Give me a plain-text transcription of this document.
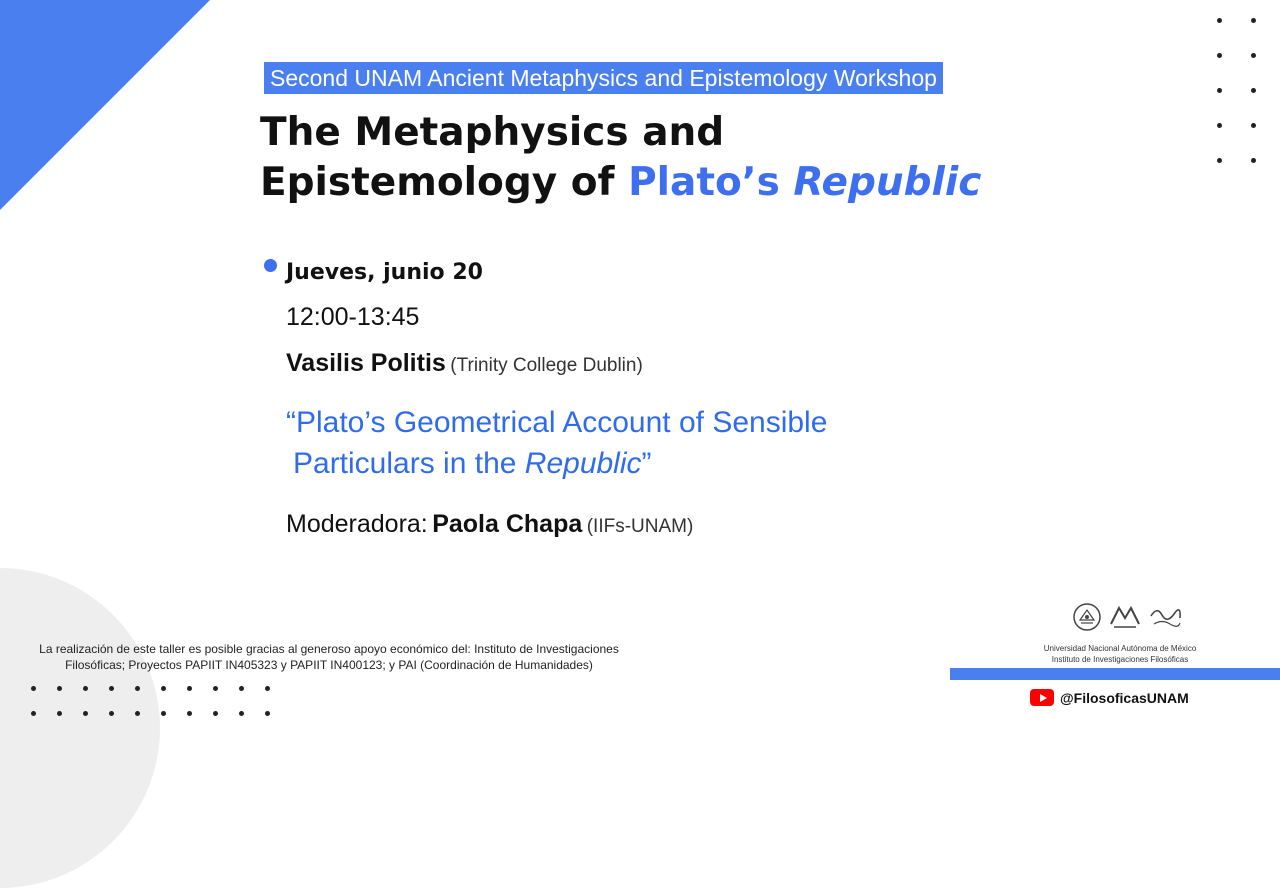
Second UNAM Ancient Metaphysics and Epistemology Workshop
The Metaphysics and
Epistemology of Plato’s Republic
Jueves, junio 20
12:00-13:45
Vasilis Politis (Trinity College Dublin)
“Plato’s Geometrical Account of Sensible
Particulars in the Republic”
Moderadora: Paola Chapa (IIFs-UNAM)
La realización de este taller es posible gracias al generoso apoyo económico del: Instituto de Investigaciones Filosóficas; Proyectos PAPIIT IN405323 y PAPIIT IN400123; y PAI (Coordinación de Humanidades)
Universidad Nacional Autónoma de México
Instituto de Investigaciones Filosóficas
@FilosoficasUNAM
